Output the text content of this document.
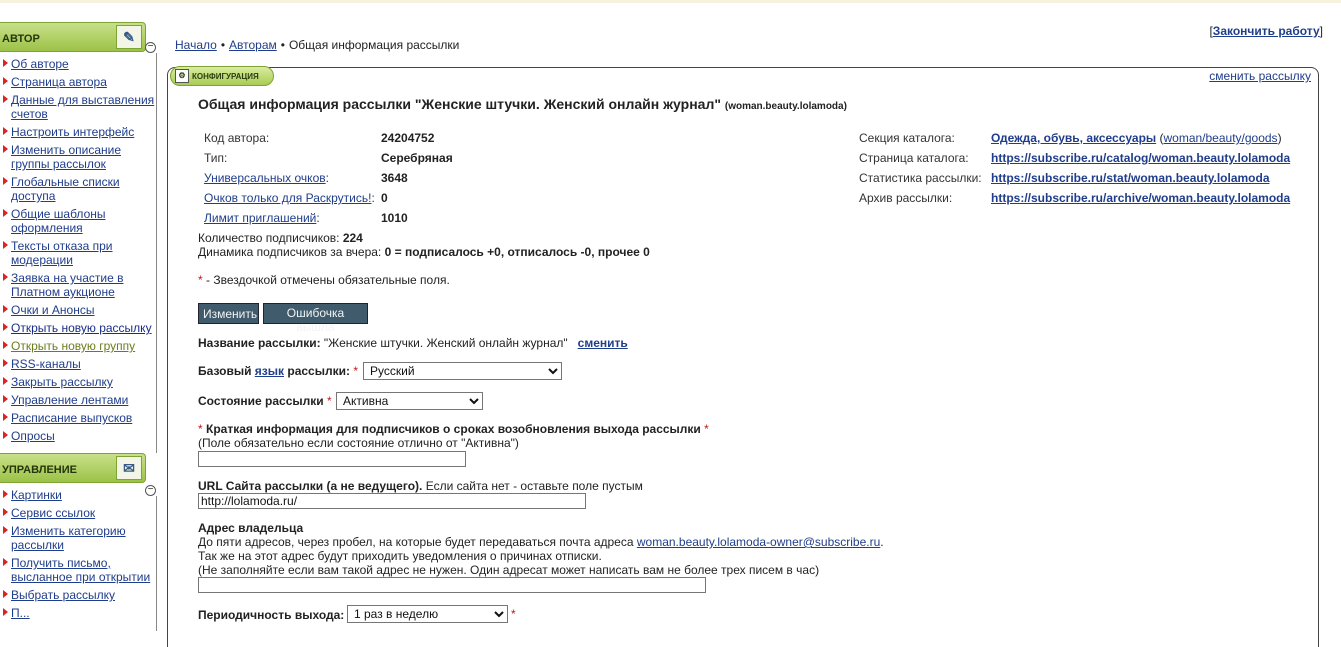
АВТОР	✎
−
Об авторе
Страница автора
Данные для выставления счетов
Настроить интерфейс
Изменить описание группы рассылок
Глобальные списки доступа
Общие шаблоны оформления
Тексты отказа при модерации
Заявка на участие в Платном аукционе
Очки и Анонсы
Открыть новую рассылку
Открыть новую группу
RSS-каналы
Закрыть рассылку
Управление лентами
Расписание выпусков
Опросы
УПРАВЛЕНИЕ	✉
−
Картинки
Сервис ссылок
Изменить категорию рассылки
Получить письмо, высланное при открытии
Выбрать рассылку
П...
Начало • Авторам • Общая информация рассылки
[Закончить работу]
⚙ КОНФИГУРАЦИЯ	сменить рассылку
Общая информация рассылки "Женские штучки. Женский онлайн журнал" (woman.beauty.lolamoda)
Код автора:	24204752
Тип:	Серебряная
Универсальных очков:	3648
Очков только для Раскрутись!: 0
Лимит приглашений:	1010
Секция каталога:	Одежда, обувь, аксессуары (woman/beauty/goods)
Страница каталога:	https://subscribe.ru/catalog/woman.beauty.lolamoda
Статистика рассылки: https://subscribe.ru/stat/woman.beauty.lolamoda
Архив рассылки:	https://subscribe.ru/archive/woman.beauty.lolamoda
Количество подписчиков: 224
Динамика подписчиков за вчера: 0 = подписалось +0, отписалось -0, прочее 0
* - Звездочкой отмечены обязательные поля.
Изменить	Ошибочка вышла
Название рассылки: "Женские штучки. Женский онлайн журнал" сменить
Базовый язык рассылки: *
Русский
Состояние рассылки *
Активна
* Краткая информация для подписчиков о сроках возобновления выхода рассылки *
(Поле обязательно если состояние отлично от "Активна")
URL Сайта рассылки (а не ведущего). Если сайта нет - оставьте поле пустым
http://lolamoda.ru/
Адрес владельца
До пяти адресов, через пробел, на которые будет передаваться почта адреса woman.beauty.lolamoda-owner@subscribe.ru.
Так же на этот адрес будут приходить уведомления о причинах отписки.
(Не заполняйте если вам такой адрес не нужен. Один адресат может написать вам не более трех писем в час)
Периодичность выхода:
1 раз в неделю	*
